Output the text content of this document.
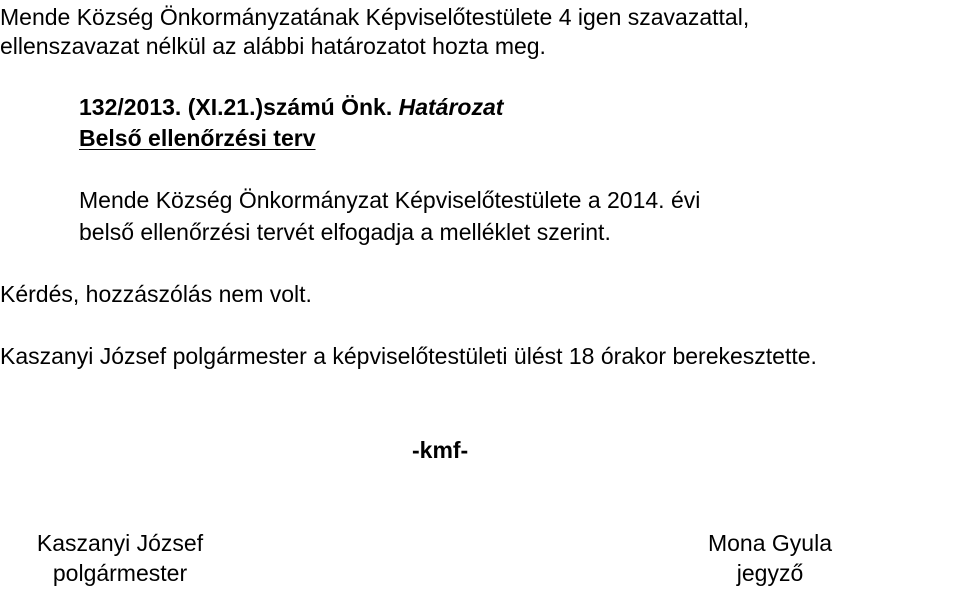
Mende Község Önkormányzatának Képviselőtestülete 4 igen szavazattal,
ellenszavazat nélkül az alábbi határozatot hozta meg.
132/2013. (XI.21.)számú Önk. Határozat
Belső ellenőrzési terv
Mende Község Önkormányzat Képviselőtestülete a 2014. évi
belső ellenőrzési tervét elfogadja a melléklet szerint.
Kérdés, hozzászólás nem volt.
Kaszanyi József polgármester a képviselőtestületi ülést 18 órakor berekesztette.
-kmf-
Kaszanyi József
polgármester
Mona Gyula
jegyző
